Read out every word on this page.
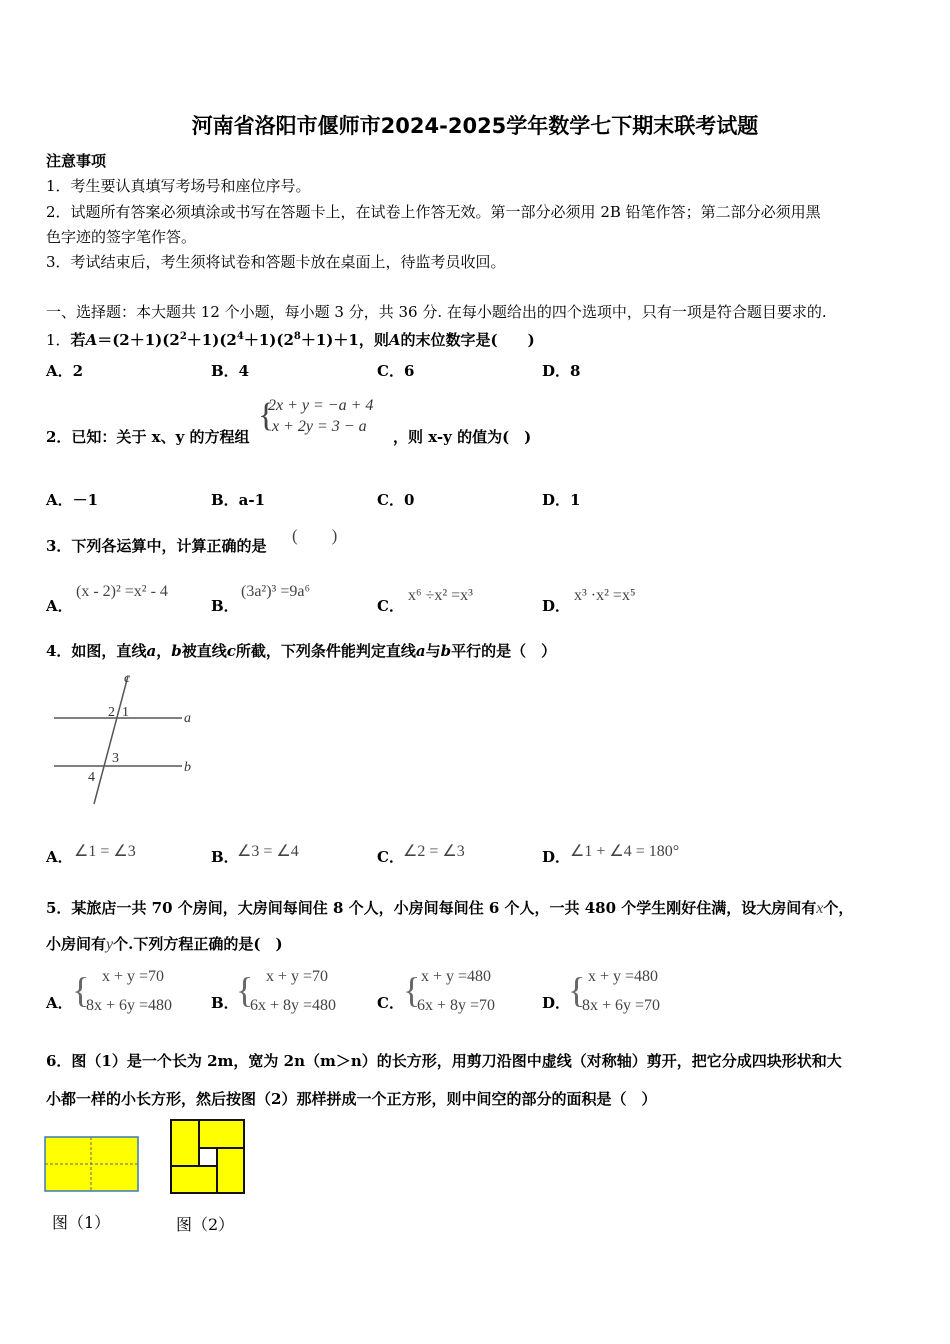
河南省洛阳市偃师市2024-2025学年数学七下期末联考试题
注意事项
1．考生要认真填写考场号和座位序号。
2．试题所有答案必须填涂或书写在答题卡上，在试卷上作答无效。第一部分必须用 2B 铅笔作答；第二部分必须用黑
色字迹的签字笔作答。
3．考试结束后，考生须将试卷和答题卡放在桌面上，待监考员收回。
一、选择题：本大题共 12 个小题，每小题 3 分，共 36 分. 在每小题给出的四个选项中，只有一项是符合题目要求的.
1．若$A=(2+1)(2^2+1)(2^4+1)(2^8+1)+1$，则A的末位数字是(　　)
A．2	B．4	C．6	D．8
2．已知：关于 x、y 的方程组
{
2x + y = −a + 4
x + 2y = 3 − a
，则 x-y 的值为(　)
A．－1	B．a-1	C．0	D．1
3．下列各运算中，计算正确的是
(　　)
A．
(x - 2)² =x² - 4
B．
(3a²)³ =9a⁶
C．
x⁶ ÷x² =x³
D．
x³ ·x² =x⁵
4．如图，直线a，b被直线c所截，下列条件能判定直线a与b平行的是（　）
c
a
b
1
2
3
4
A． ∠1 = ∠3	B．
∠3 = ∠4	C． ∠2 = ∠3	D． ∠1 + ∠4 = 180°
5．某旅店一共 70 个房间，大房间每间住 8 个人，小房间每间住 6 个人，一共 480 个学生刚好住满，设大房间有x个，
小房间有y个.下列方程正确的是(　)
A． { x + y =70
8x + 6y =480	B．
{ x + y =70
6x + 8y =480	C． { x + y =480
6x + 8y =70	D．
{ x + y =480
8x + 6y =70
6．图（1）是一个长为 2m，宽为 2n（m＞n）的长方形，用剪刀沿图中虚线（对称轴）剪开，把它分成四块形状和大
小都一样的小长方形，然后按图（2）那样拼成一个正方形，则中间空的部分的面积是（　）
图（1）	图（2）
